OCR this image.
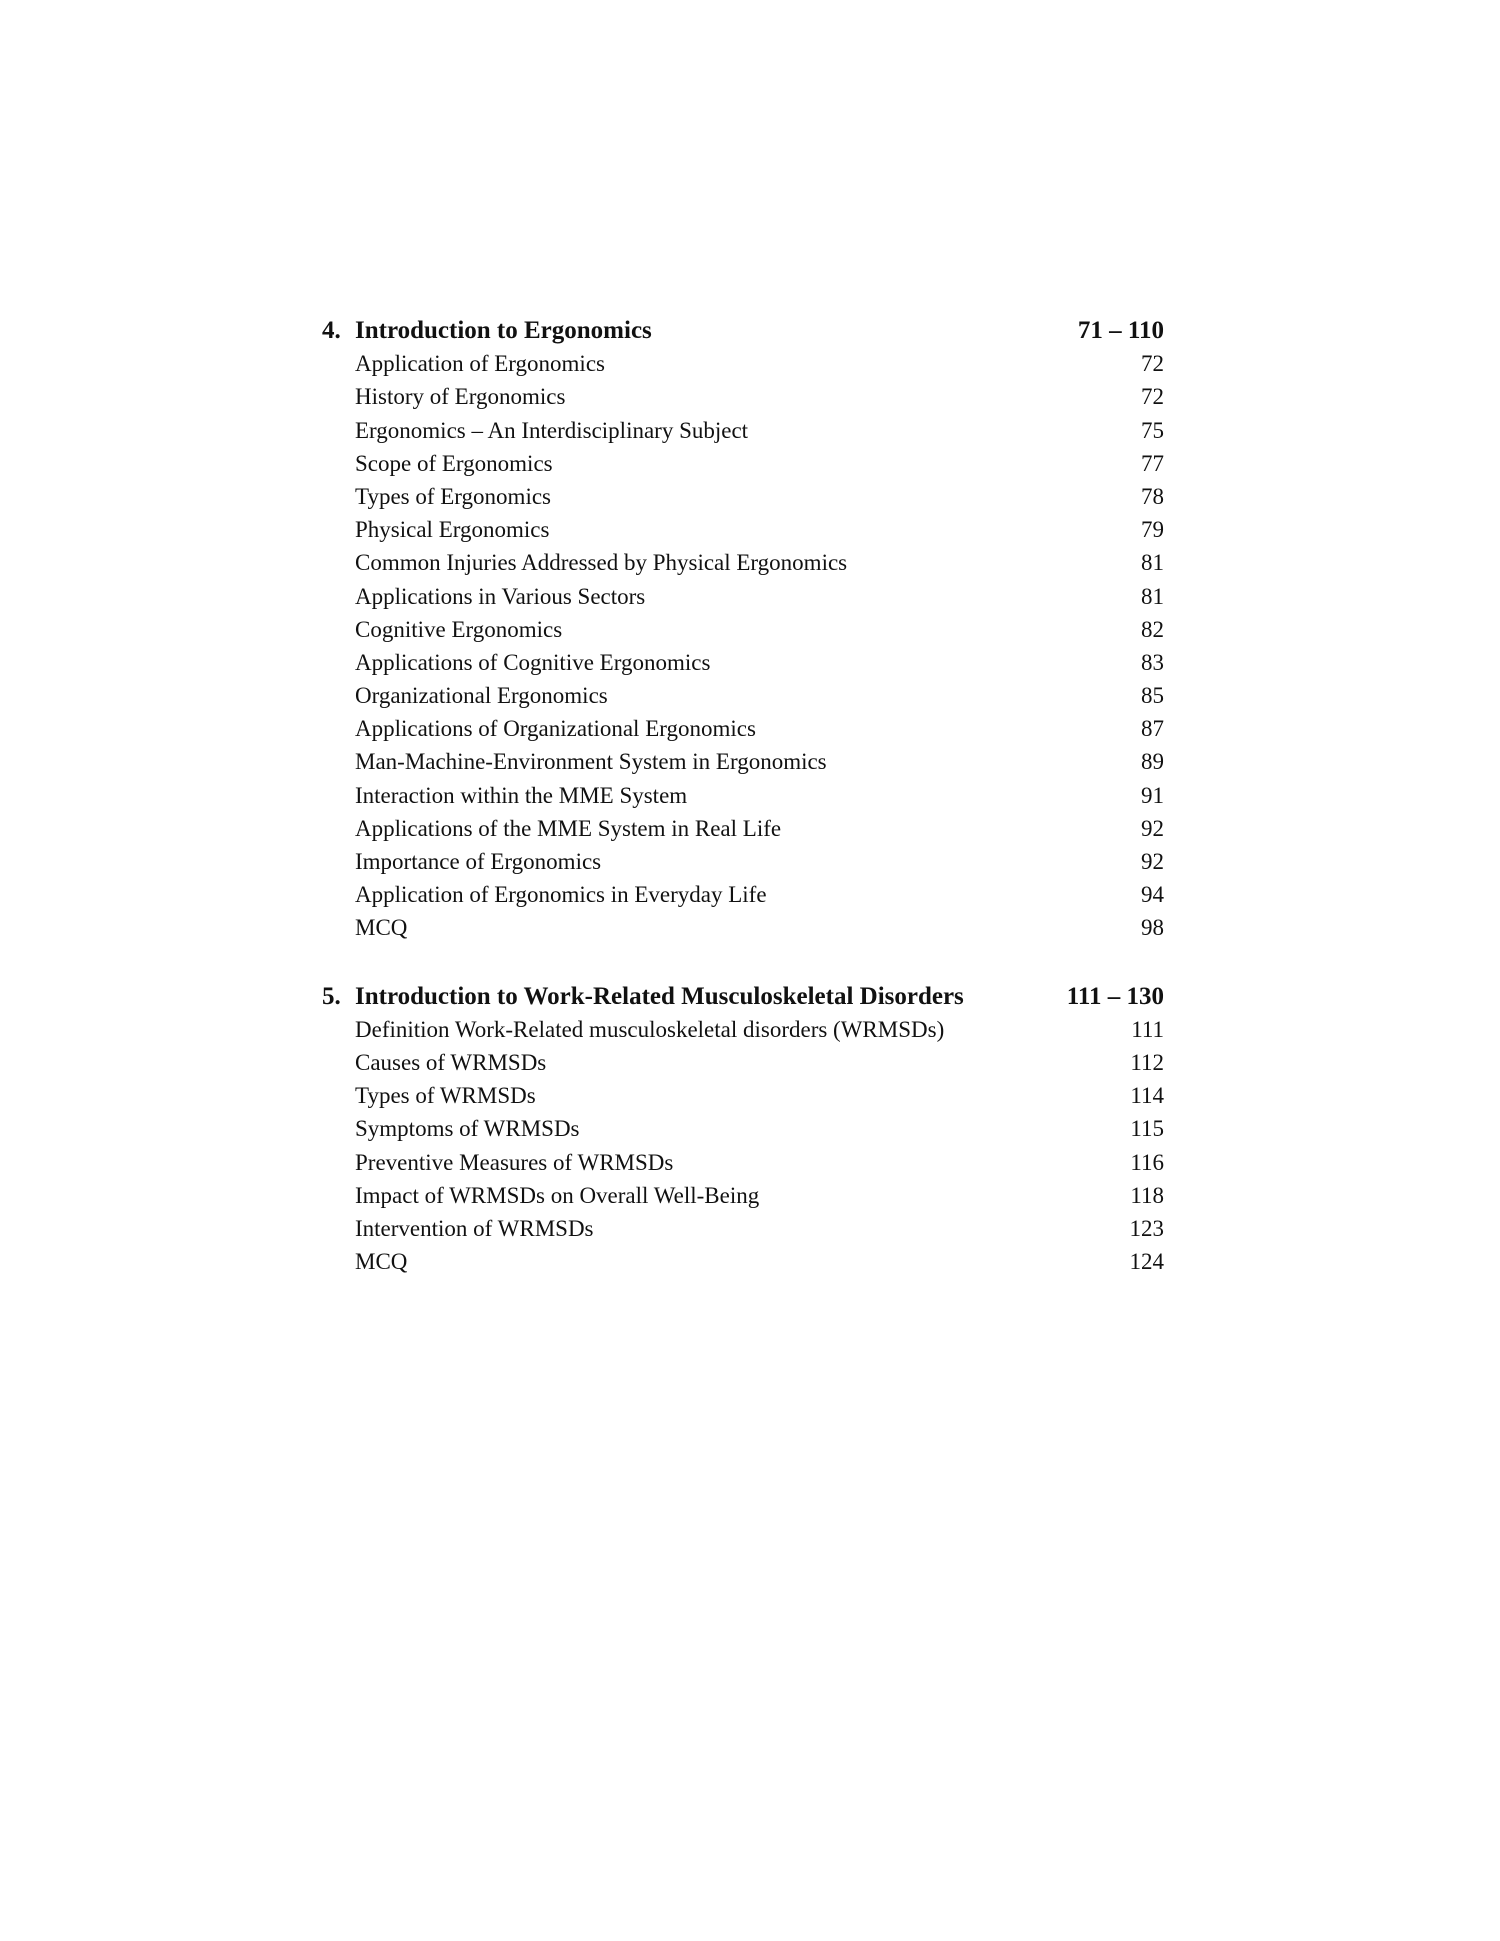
4. Introduction to Ergonomics	71 – 110
Application of Ergonomics	72
History of Ergonomics	72
Ergonomics – An Interdisciplinary Subject	75
Scope of Ergonomics	77
Types of Ergonomics	78
Physical Ergonomics	79
Common Injuries Addressed by Physical Ergonomics	81
Applications in Various Sectors	81
Cognitive Ergonomics	82
Applications of Cognitive Ergonomics	83
Organizational Ergonomics	85
Applications of Organizational Ergonomics	87
Man-Machine-Environment System in Ergonomics	89
Interaction within the MME System	91
Applications of the MME System in Real Life	92
Importance of Ergonomics	92
Application of Ergonomics in Everyday Life	94
MCQ	98
5. Introduction to Work-Related Musculoskeletal Disorders	111 – 130
Definition Work-Related musculoskeletal disorders (WRMSDs)	111
Causes of WRMSDs	112
Types of WRMSDs	114
Symptoms of WRMSDs	115
Preventive Measures of WRMSDs	116
Impact of WRMSDs on Overall Well-Being	118
Intervention of WRMSDs	123
MCQ	124
